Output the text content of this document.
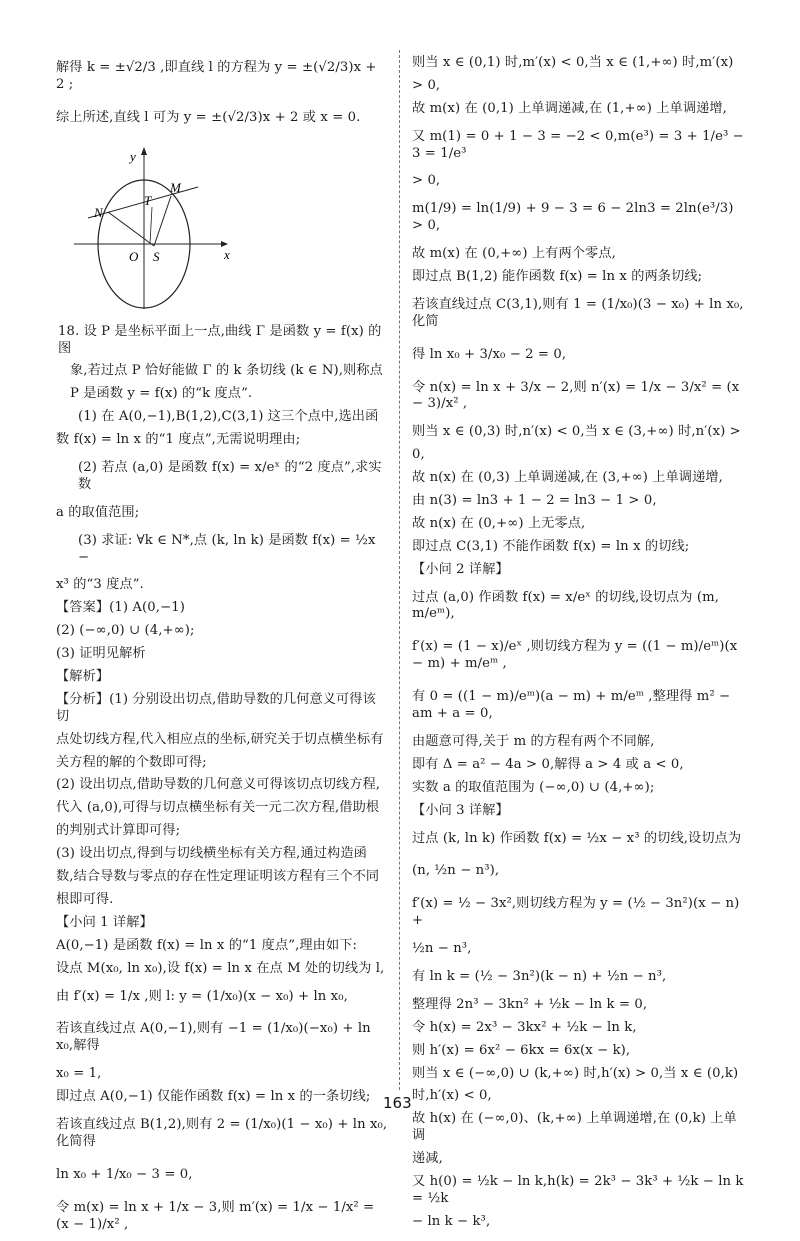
解得 k = ±√2/3 ,即直线 l 的方程为 y = ±(√2/3)x + 2 ;

综上所述,直线 l 可为 y = ±(√2/3)x + 2 或 x = 0.

y
x
O S
T
M
N

18. 设 P 是坐标平面上一点,曲线 Γ 是函数 y = f(x) 的图

象,若过点 P 恰好能做 Γ 的 k 条切线 (k ∈ N),则称点

P 是函数 y = f(x) 的“k 度点”.

(1) 在 A(0,−1),B(1,2),C(3,1) 这三个点中,选出函

数 f(x) = ln x 的“1 度点”,无需说明理由;

(2) 若点 (a,0) 是函数 f(x) = x/eˣ 的“2 度点”,求实数

a 的取值范围;

(3) 求证: ∀k ∈ N*,点 (k, ln k) 是函数 f(x) = ½x −

x³ 的“3 度点”.

【答案】(1) A(0,−1)

(2) (−∞,0) ∪ (4,+∞);

(3) 证明见解析

【解析】

【分析】(1) 分别设出切点,借助导数的几何意义可得该切

点处切线方程,代入相应点的坐标,研究关于切点横坐标有

关方程的解的个数即可得;

(2) 设出切点,借助导数的几何意义可得该切点切线方程,

代入 (a,0),可得与切点横坐标有关一元二次方程,借助根

的判别式计算即可得;

(3) 设出切点,得到与切线横坐标有关方程,通过构造函

数,结合导数与零点的存在性定理证明该方程有三个不同

根即可得.

【小问 1 详解】

A(0,−1) 是函数 f(x) = ln x 的“1 度点”,理由如下:

设点 M(x₀, ln x₀),设 f(x) = ln x 在点 M 处的切线为 l,

由 f′(x) = 1/x ,则 l: y = (1/x₀)(x − x₀) + ln x₀,

若该直线过点 A(0,−1),则有 −1 = (1/x₀)(−x₀) + ln x₀,解得

x₀ = 1,

即过点 A(0,−1) 仅能作函数 f(x) = ln x 的一条切线;

若该直线过点 B(1,2),则有 2 = (1/x₀)(1 − x₀) + ln x₀,化简得

ln x₀ + 1/x₀ − 3 = 0,

令 m(x) = ln x + 1/x − 3,则 m′(x) = 1/x − 1/x² = (x − 1)/x² ,

则当 x ∈ (0,1) 时,m′(x) < 0,当 x ∈ (1,+∞) 时,m′(x)

> 0,

故 m(x) 在 (0,1) 上单调递减,在 (1,+∞) 上单调递增,

又 m(1) = 0 + 1 − 3 = −2 < 0,m(e³) = 3 + 1/e³ − 3 = 1/e³

> 0,

m(1/9) = ln(1/9) + 9 − 3 = 6 − 2ln3 = 2ln(e³/3) > 0,

故 m(x) 在 (0,+∞) 上有两个零点,

即过点 B(1,2) 能作函数 f(x) = ln x 的两条切线;

若该直线过点 C(3,1),则有 1 = (1/x₀)(3 − x₀) + ln x₀,化简

得 ln x₀ + 3/x₀ − 2 = 0,

令 n(x) = ln x + 3/x − 2,则 n′(x) = 1/x − 3/x² = (x − 3)/x² ,

则当 x ∈ (0,3) 时,n′(x) < 0,当 x ∈ (3,+∞) 时,n′(x) >

0,

故 n(x) 在 (0,3) 上单调递减,在 (3,+∞) 上单调递增,

由 n(3) = ln3 + 1 − 2 = ln3 − 1 > 0,

故 n(x) 在 (0,+∞) 上无零点,

即过点 C(3,1) 不能作函数 f(x) = ln x 的切线;

【小问 2 详解】

过点 (a,0) 作函数 f(x) = x/eˣ 的切线,设切点为 (m, m/eᵐ),

f′(x) = (1 − x)/eˣ ,则切线方程为 y = ((1 − m)/eᵐ)(x − m) + m/eᵐ ,

有 0 = ((1 − m)/eᵐ)(a − m) + m/eᵐ ,整理得 m² − am + a = 0,

由题意可得,关于 m 的方程有两个不同解,

即有 Δ = a² − 4a > 0,解得 a > 4 或 a < 0,

实数 a 的取值范围为 (−∞,0) ∪ (4,+∞);

【小问 3 详解】

过点 (k, ln k) 作函数 f(x) = ½x − x³ 的切线,设切点为

(n, ½n − n³),

f′(x) = ½ − 3x²,则切线方程为 y = (½ − 3n²)(x − n) +

½n − n³,

有 ln k = (½ − 3n²)(k − n) + ½n − n³,

整理得 2n³ − 3kn² + ½k − ln k = 0,

令 h(x) = 2x³ − 3kx² + ½k − ln k,

则 h′(x) = 6x² − 6kx = 6x(x − k),

则当 x ∈ (−∞,0) ∪ (k,+∞) 时,h′(x) > 0,当 x ∈ (0,k)

时,h′(x) < 0,

故 h(x) 在 (−∞,0)、(k,+∞) 上单调递增,在 (0,k) 上单调

递减,

又 h(0) = ½k − ln k,h(k) = 2k³ − 3k³ + ½k − ln k = ½k

− ln k − k³,

163
